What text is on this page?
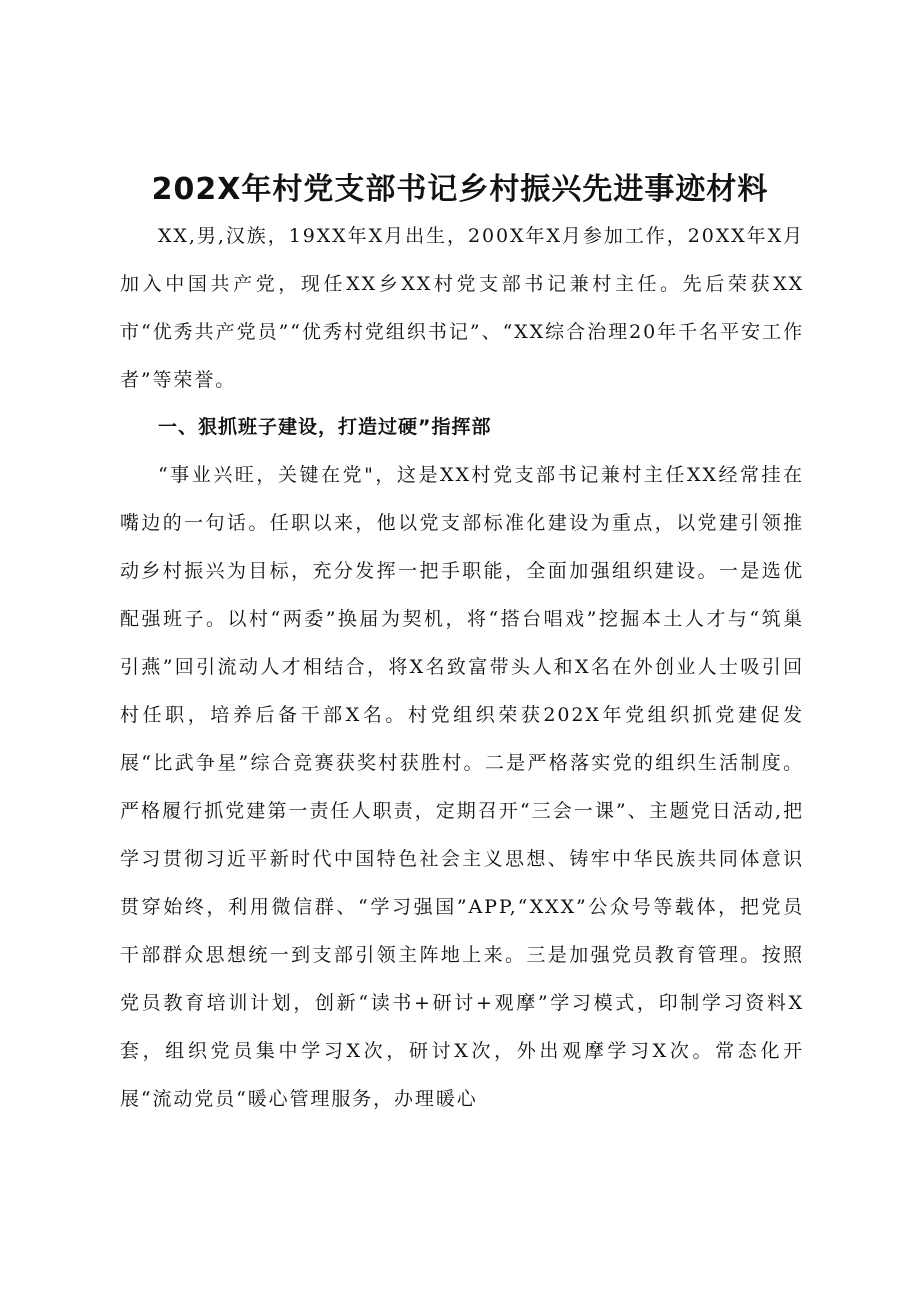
202X年村党支部书记乡村振兴先进事迹材料
XX,男,汉族，19XX年X月出生，200X年X月参加工作，20XX年X月加入中国共产党，现任XX乡XX村党支部书记兼村主任。先后荣获XX市“优秀共产党员”“优秀村党组织书记”、“XX综合治理20年千名平安工作者”等荣誉。
一、狠抓班子建设，打造过硬”指挥部
“事业兴旺，关键在党"，这是XX村党支部书记兼村主任XX经常挂在嘴边的一句话。任职以来，他以党支部标准化建设为重点，以党建引领推动乡村振兴为目标，充分发挥一把手职能，全面加强组织建设。一是选优配强班子。以村“两委”换届为契机，将“搭台唱戏”挖掘本土人才与“筑巢引燕”回引流动人才相结合，将X名致富带头人和X名在外创业人士吸引回村任职，培养后备干部X名。村党组织荣获202X年党组织抓党建促发展“比武争星”综合竞赛获奖村获胜村。二是严格落实党的组织生活制度。严格履行抓党建第一责任人职责，定期召开“三会一课”、主题党日活动,把学习贯彻习近平新时代中国特色社会主义思想、铸牢中华民族共同体意识贯穿始终，利用微信群、“学习强国”APP,“XXX”公众号等载体，把党员干部群众思想统一到支部引领主阵地上来。三是加强党员教育管理。按照党员教育培训计划，创新“读书+研讨+观摩”学习模式，印制学习资料X套，组织党员集中学习X次，研讨X次，外出观摩学习X次。常态化开展“流动党员“暖心管理服务，办理暖心
